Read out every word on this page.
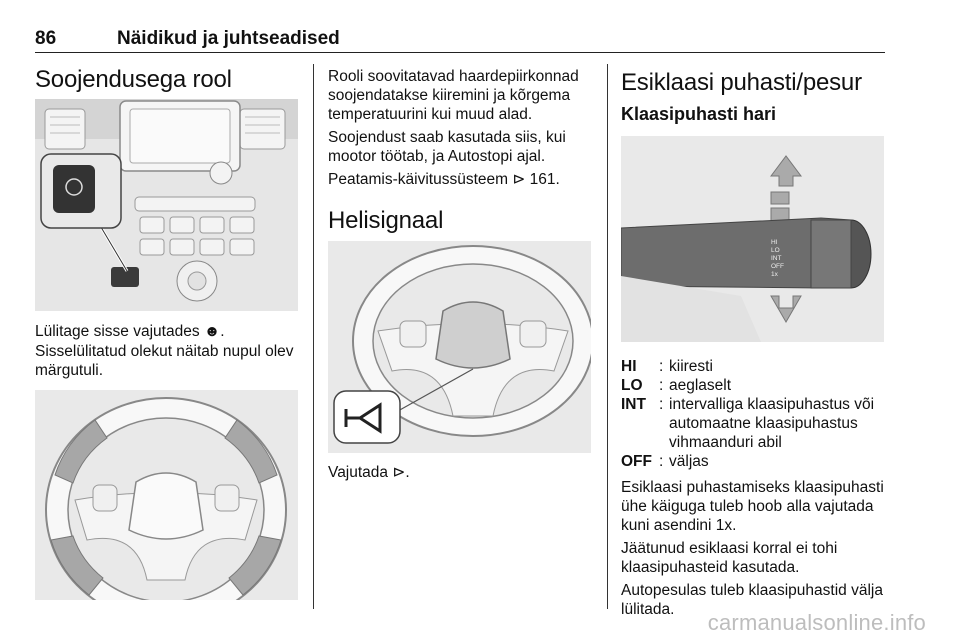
86	Näidikud ja juhtseadised
Soojendusega rool

Lülitage sisse vajutades ☻.

Sisselülitatud olekut näitab nupul olev märgutuli.

Rooli soovitatavad haardepiirkonnad soojendatakse kiiremini ja kõrgema temperatuurini kui muud alad.

Soojendust saab kasutada siis, kui mootor töötab, ja Autostopi ajal.

Peatamis-käivitussüsteem ⊳ 161.

Helisignaal

Vajutada ⊳.

Esiklaasi puhasti/pesur
Klaasipuhasti hari
HI
LO
INT
OFF
1x
HI	: kiiresti
LO	: aeglaselt
INT : intervalliga klaasipuhastus või automaatne klaasipuhastus vihmaanduri abil
OFF : väljas

Esiklaasi puhastamiseks klaasipuhasti ühe käiguga tuleb hoob alla vajutada kuni asendini 1x.

Jäätunud esiklaasi korral ei tohi klaasipuhasteid kasutada.

Autopesulas tuleb klaasipuhastid välja lülitada.

carmanualsonline.info
